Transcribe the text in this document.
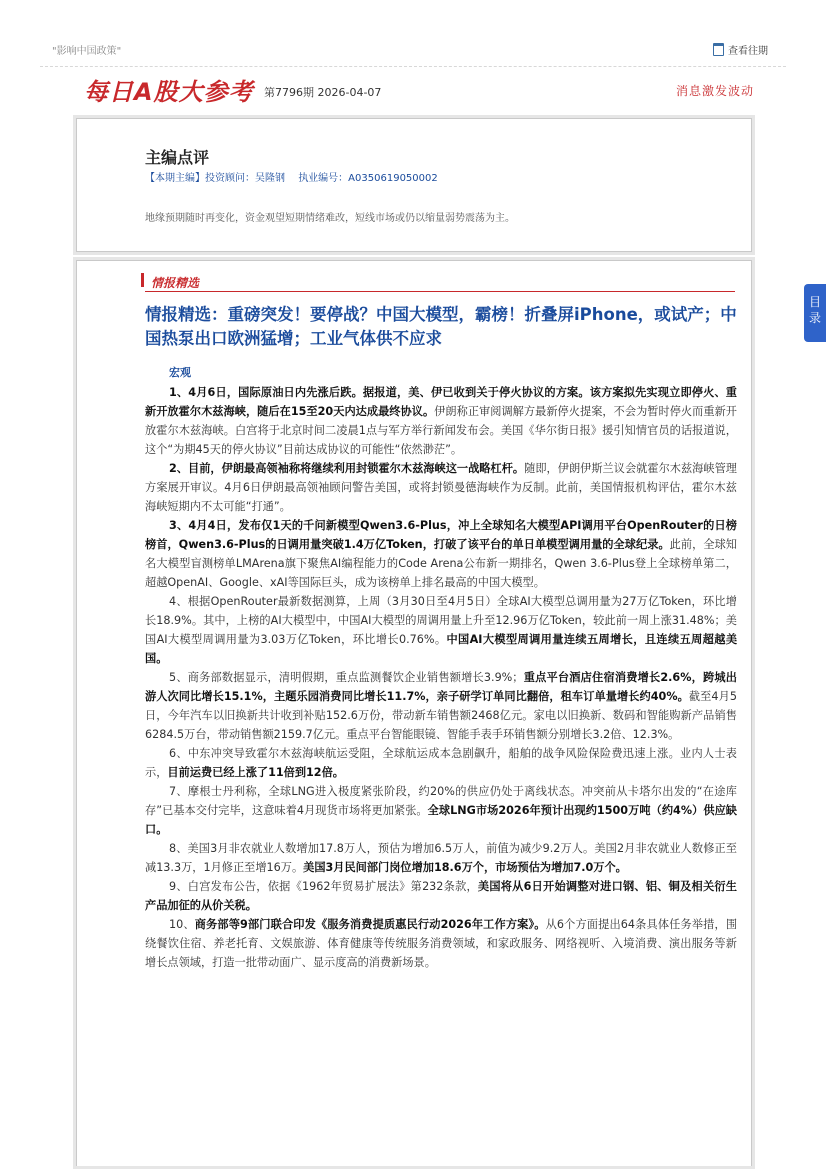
"影响中国政策"	查看往期
每日A股大参考 第7796期 2026-04-07	消息激发波动
主编点评
【本期主编】投资顾问：吴隆钢 执业编号：A0350619050002
地缘预期随时再变化，资金观望短期情绪难改，短线市场或仍以缩量弱势震荡为主。
情报精选
情报精选：重磅突发！要停战？中国大模型，霸榜！折叠屏iPhone，或试产；中国热泵出口欧洲猛增；工业气体供不应求
宏观

1、4月6日，国际原油日内先涨后跌。据报道，美、伊已收到关于停火协议的方案。该方案拟先实现立即停火、重新开放霍尔木兹海峡，随后在15至20天内达成最终协议。伊朗称正审阅调解方最新停火提案，不会为暂时停火而重新开放霍尔木兹海峡。白宫将于北京时间二凌晨1点与军方举行新闻发布会。美国《华尔街日报》援引知情官员的话报道说，这个“为期45天的停火协议”目前达成协议的可能性“依然渺茫”。

2、目前，伊朗最高领袖称将继续利用封锁霍尔木兹海峡这一战略杠杆。随即，伊朗伊斯兰议会就霍尔木兹海峡管理方案展开审议。4月6日伊朗最高领袖顾问警告美国，或将封锁曼德海峡作为反制。此前，美国情报机构评估，霍尔木兹海峡短期内不太可能“打通”。

3、4月4日，发布仅1天的千问新模型Qwen3.6-Plus，冲上全球知名大模型API调用平台OpenRouter的日榜榜首，Qwen3.6-Plus的日调用量突破1.4万亿Token，打破了该平台的单日单模型调用量的全球纪录。此前，全球知名大模型盲测榜单LMArena旗下聚焦AI编程能力的Code Arena公布新一期排名，Qwen 3.6-Plus登上全球榜单第二，超越OpenAI、Google、xAI等国际巨头，成为该榜单上排名最高的中国大模型。

4、根据OpenRouter最新数据测算，上周（3月30日至4月5日）全球AI大模型总调用量为27万亿Token，环比增长18.9%。其中，上榜的AI大模型中，中国AI大模型的周调用量上升至12.96万亿Token，较此前一周上涨31.48%；美国AI大模型周调用量为3.03万亿Token，环比增长0.76%。中国AI大模型周调用量连续五周增长，且连续五周超越美国。

5、商务部数据显示，清明假期，重点监测餐饮企业销售额增长3.9%；重点平台酒店住宿消费增长2.6%，跨城出游人次同比增长15.1%，主题乐园消费同比增长11.7%，亲子研学订单同比翻倍，租车订单量增长约40%。截至4月5日，今年汽车以旧换新共计收到补贴152.6万份，带动新车销售额2468亿元。家电以旧换新、数码和智能购新产品销售6284.5万台，带动销售额2159.7亿元。重点平台智能眼镜、智能手表手环销售额分别增长3.2倍、12.3%。

6、中东冲突导致霍尔木兹海峡航运受阻，全球航运成本急剧飙升，船舶的战争风险保险费迅速上涨。业内人士表示，目前运费已经上涨了11倍到12倍。

7、摩根士丹利称，全球LNG进入极度紧张阶段，约20%的供应仍处于离线状态。冲突前从卡塔尔出发的“在途库存”已基本交付完毕，这意味着4月现货市场将更加紧张。全球LNG市场2026年预计出现约1500万吨（约4%）供应缺口。

8、美国3月非农就业人数增加17.8万人，预估为增加6.5万人，前值为减少9.2万人。美国2月非农就业人数修正至减13.3万，1月修正至增16万。美国3月民间部门岗位增加18.6万个，市场预估为增加7.0万个。

9、白宫发布公告，依据《1962年贸易扩展法》第232条款，美国将从6日开始调整对进口钢、铝、铜及相关衍生产品加征的从价关税。

10、商务部等9部门联合印发《服务消费提质惠民行动2026年工作方案》。从6个方面提出64条具体任务举措，围绕餐饮住宿、养老托育、文娱旅游、体育健康等传统服务消费领域，和家政服务、网络视听、入境消费、演出服务等新增长点领域，打造一批带动面广、显示度高的消费新场景。

目
录
